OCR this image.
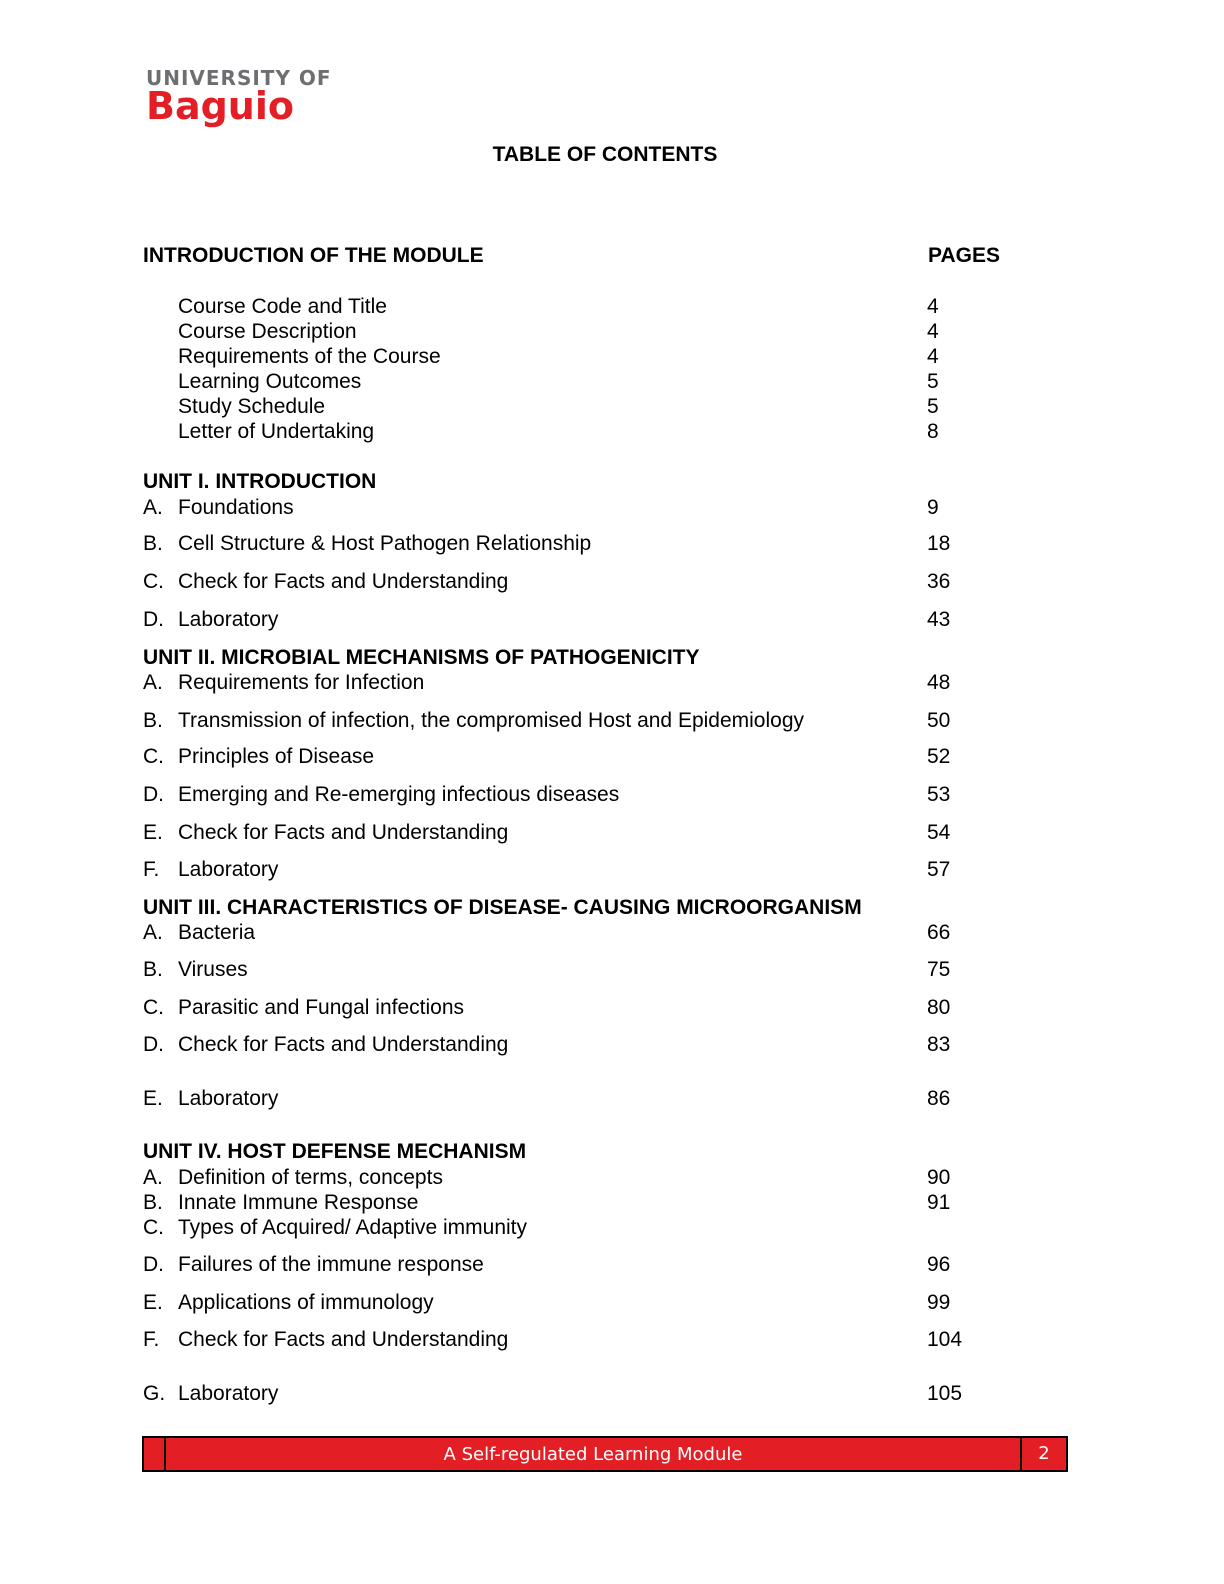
UNIVERSITY OF
Baguio
TABLE OF CONTENTS
INTRODUCTION OF THE MODULE	PAGES
Course Code and Title	4
Course Description	4
Requirements of the Course	4
Learning Outcomes	5
Study Schedule	5
Letter of Undertaking	8
UNIT I. INTRODUCTION
A. Foundations	9
B. Cell Structure & Host Pathogen Relationship	18
C. Check for Facts and Understanding	36
D. Laboratory	43
UNIT II. MICROBIAL MECHANISMS OF PATHOGENICITY
A. Requirements for Infection	48
B. Transmission of infection, the compromised Host and Epidemiology	50
C. Principles of Disease	52
D. Emerging and Re-emerging infectious diseases	53
E. Check for Facts and Understanding	54
F. Laboratory	57
UNIT III. CHARACTERISTICS OF DISEASE- CAUSING MICROORGANISM
A. Bacteria	66
B. Viruses	75
C. Parasitic and Fungal infections	80
D. Check for Facts and Understanding	83
E. Laboratory	86
UNIT IV. HOST DEFENSE MECHANISM
A. Definition of terms, concepts	90
B. Innate Immune Response	91
C. Types of Acquired/ Adaptive immunity
D. Failures of the immune response	96
E. Applications of immunology	99
F. Check for Facts and Understanding	104
G. Laboratory	105
A Self-regulated Learning Module	2
